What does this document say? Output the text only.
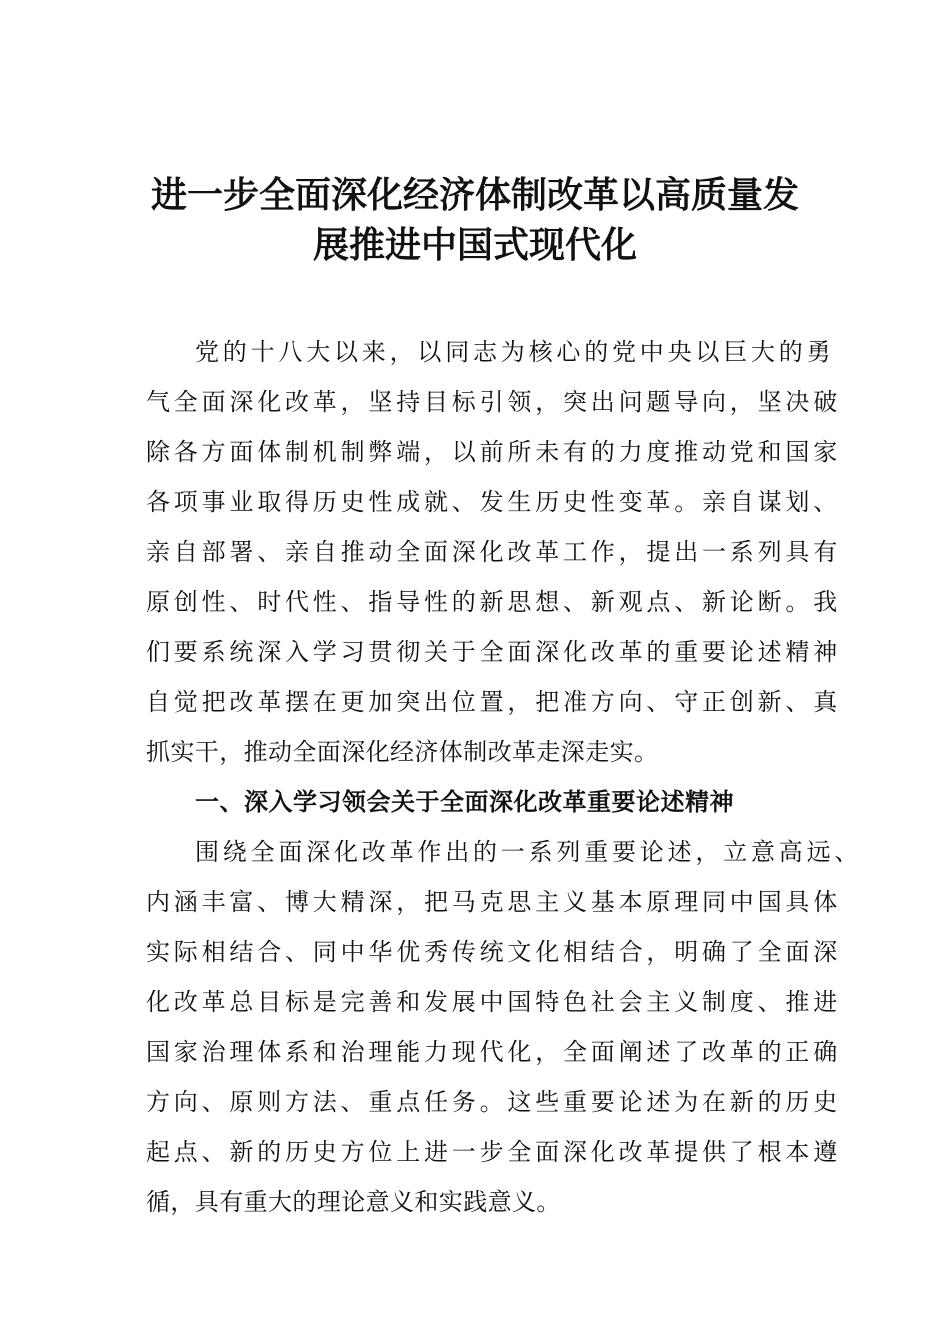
进一步全面深化经济体制改革以高质量发
展推进中国式现代化

党的十八大以来，以同志为核心的党中央以巨大的勇

气全面深化改革，坚持目标引领，突出问题导向，坚决破

除各方面体制机制弊端，以前所未有的力度推动党和国家

各项事业取得历史性成就、发生历史性变革。亲自谋划、

亲自部署、亲自推动全面深化改革工作，提出一系列具有

原创性、时代性、指导性的新思想、新观点、新论断。我

们要系统深入学习贯彻关于全面深化改革的重要论述精神

自觉把改革摆在更加突出位置，把准方向、守正创新、真

抓实干，推动全面深化经济体制改革走深走实。

一、深入学习领会关于全面深化改革重要论述精神

围绕全面深化改革作出的一系列重要论述，立意高远、

内涵丰富、博大精深，把马克思主义基本原理同中国具体

实际相结合、同中华优秀传统文化相结合，明确了全面深

化改革总目标是完善和发展中国特色社会主义制度、推进

国家治理体系和治理能力现代化，全面阐述了改革的正确

方向、原则方法、重点任务。这些重要论述为在新的历史

起点、新的历史方位上进一步全面深化改革提供了根本遵

循，具有重大的理论意义和实践意义。
